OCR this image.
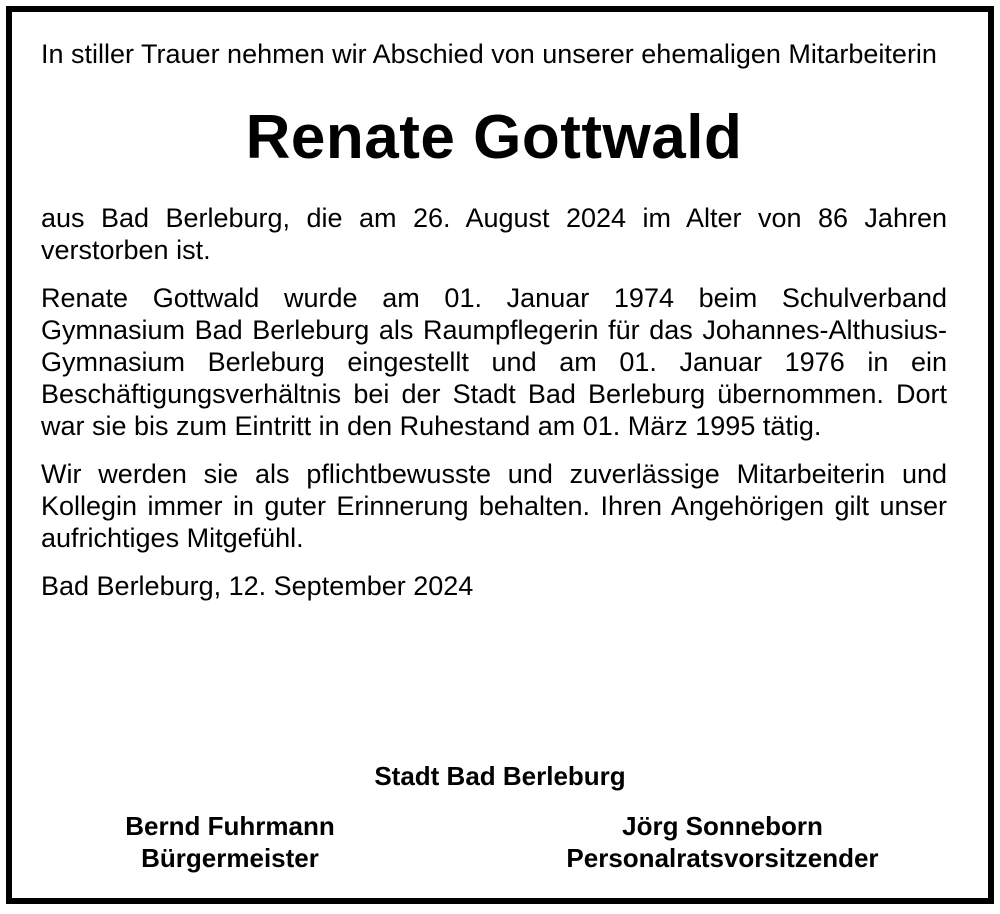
In stiller Trauer nehmen wir Abschied von unserer ehemaligen Mitarbeiterin

Renate Gottwald

aus Bad Berleburg, die am 26. August 2024 im Alter von 86 Jahren verstorben ist.

Renate Gottwald wurde am 01. Januar 1974 beim Schulverband Gymnasium Bad Berleburg als Raumpflegerin für das Johannes-Althusius-Gymnasium Berleburg eingestellt und am 01. Januar 1976 in ein Beschäftigungsverhältnis bei der Stadt Bad Berleburg übernommen. Dort war sie bis zum Eintritt in den Ruhestand am 01. März 1995 tätig.

Wir werden sie als pflichtbewusste und zuverlässige Mitarbeiterin und Kollegin immer in guter Erinnerung behalten. Ihren Angehörigen gilt unser aufrichtiges Mitgefühl.

Bad Berleburg, 12. September 2024

Stadt Bad Berleburg
Bernd Fuhrmann
Bürgermeister
Jörg Sonneborn
Personalratsvorsitzender
